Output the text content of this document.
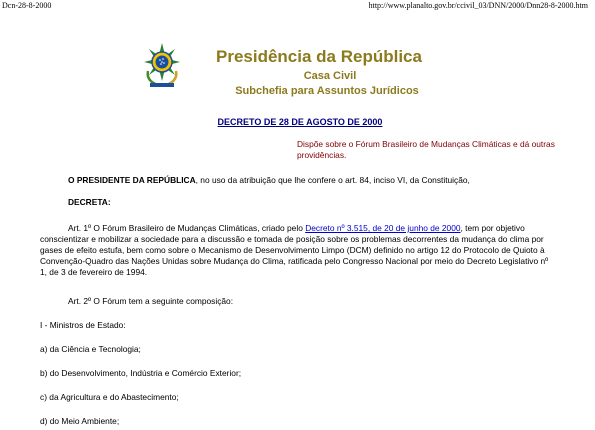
Dcn-28-8-2000	http://www.planalto.gov.br/ccivil_03/DNN/2000/Dnn28-8-2000.htm
Presidência da República
Casa Civil
Subchefia para Assuntos Jurídicos
DECRETO DE 28 DE AGOSTO DE 2000
Dispõe sobre o Fórum Brasileiro de Mudanças Climáticas e dá outras providências.

O PRESIDENTE DA REPÚBLICA, no uso da atribuição que lhe confere o art. 84, inciso VI, da Constituição,

DECRETA:

Art. 1º O Fórum Brasileiro de Mudanças Climáticas, criado pelo Decreto nº 3.515, de 20 de junho de 2000, tem por objetivo conscientizar e mobilizar a sociedade para a discussão e tomada de posição sobre os problemas decorrentes da mudança do clima por gases de efeito estufa, bem como sobre o Mecanismo de Desenvolvimento Limpo (DCM) definido no artigo 12 do Protocolo de Quioto à Convenção-Quadro das Nações Unidas sobre Mudança do Clima, ratificada pelo Congresso Nacional por meio do Decreto Legislativo nº 1, de 3 de fevereiro de 1994.

Art. 2º O Fórum tem a seguinte composição:

I - Ministros de Estado:

a) da Ciência e Tecnologia;

b) do Desenvolvimento, Indústria e Comércio Exterior;

c) da Agricultura e do Abastecimento;

d) do Meio Ambiente;
